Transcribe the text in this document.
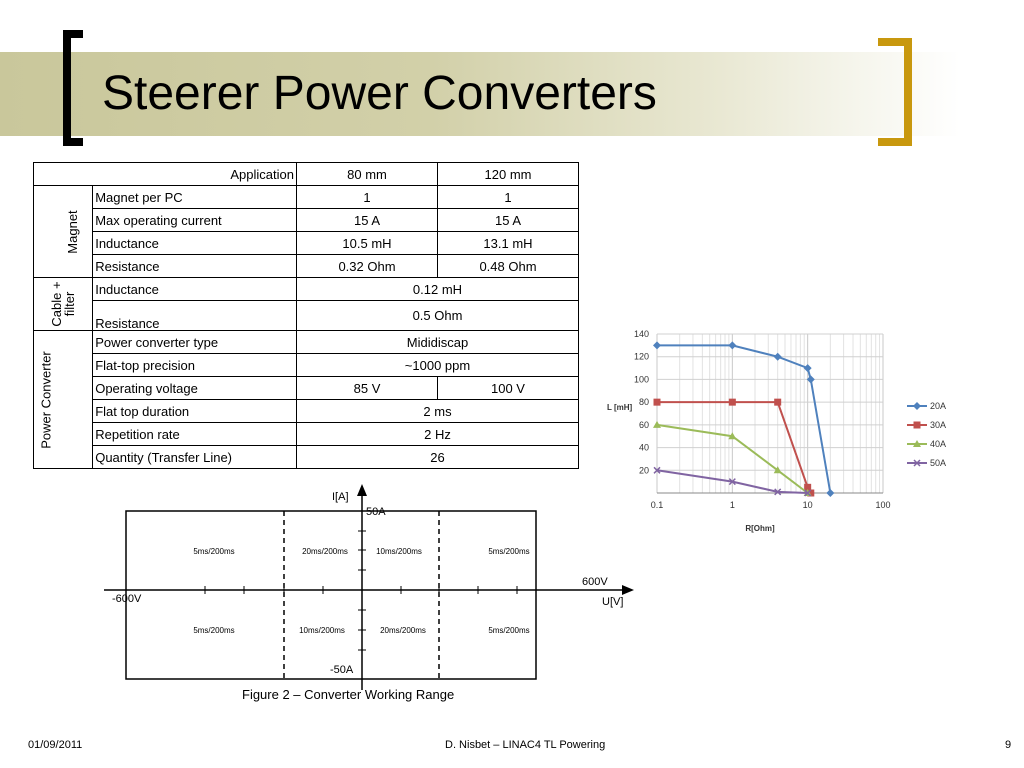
Steerer Power Converters
Application		80 mm	120 mm

Magnet	Magnet per PC	1	1
	Max operating current	15 A	15 A
	Inductance	10.5 mH	13.1 mH
	Resistance	0.32 Ohm	0.48 Ohm

Cable +
filter	Inductance	0.12 mH	
	Resistance	0.5 Ohm	

Power Converter	Power converter type	Mididiscap	
	Flat-top precision	~1000 ppm	
	Operating voltage	85 V	100 V
	Flat top duration	2 ms	
	Repetition rate	2 Hz	
	Quantity (Transfer Line)	26	
20
40
60
80
100
120
140
0.1	1	10	100
L [mH]
R[Ohm]
20A
30A
40A
50A
I[A]
50A
-50A
-600V
600V
U[V]
5ms/200ms	20ms/200ms	10ms/200ms	5ms/200ms
5ms/200ms	10ms/200ms	20ms/200ms	5ms/200ms
Figure 2 – Converter Working Range
01/09/2011	D. Nisbet – LINAC4 TL Powering	9
